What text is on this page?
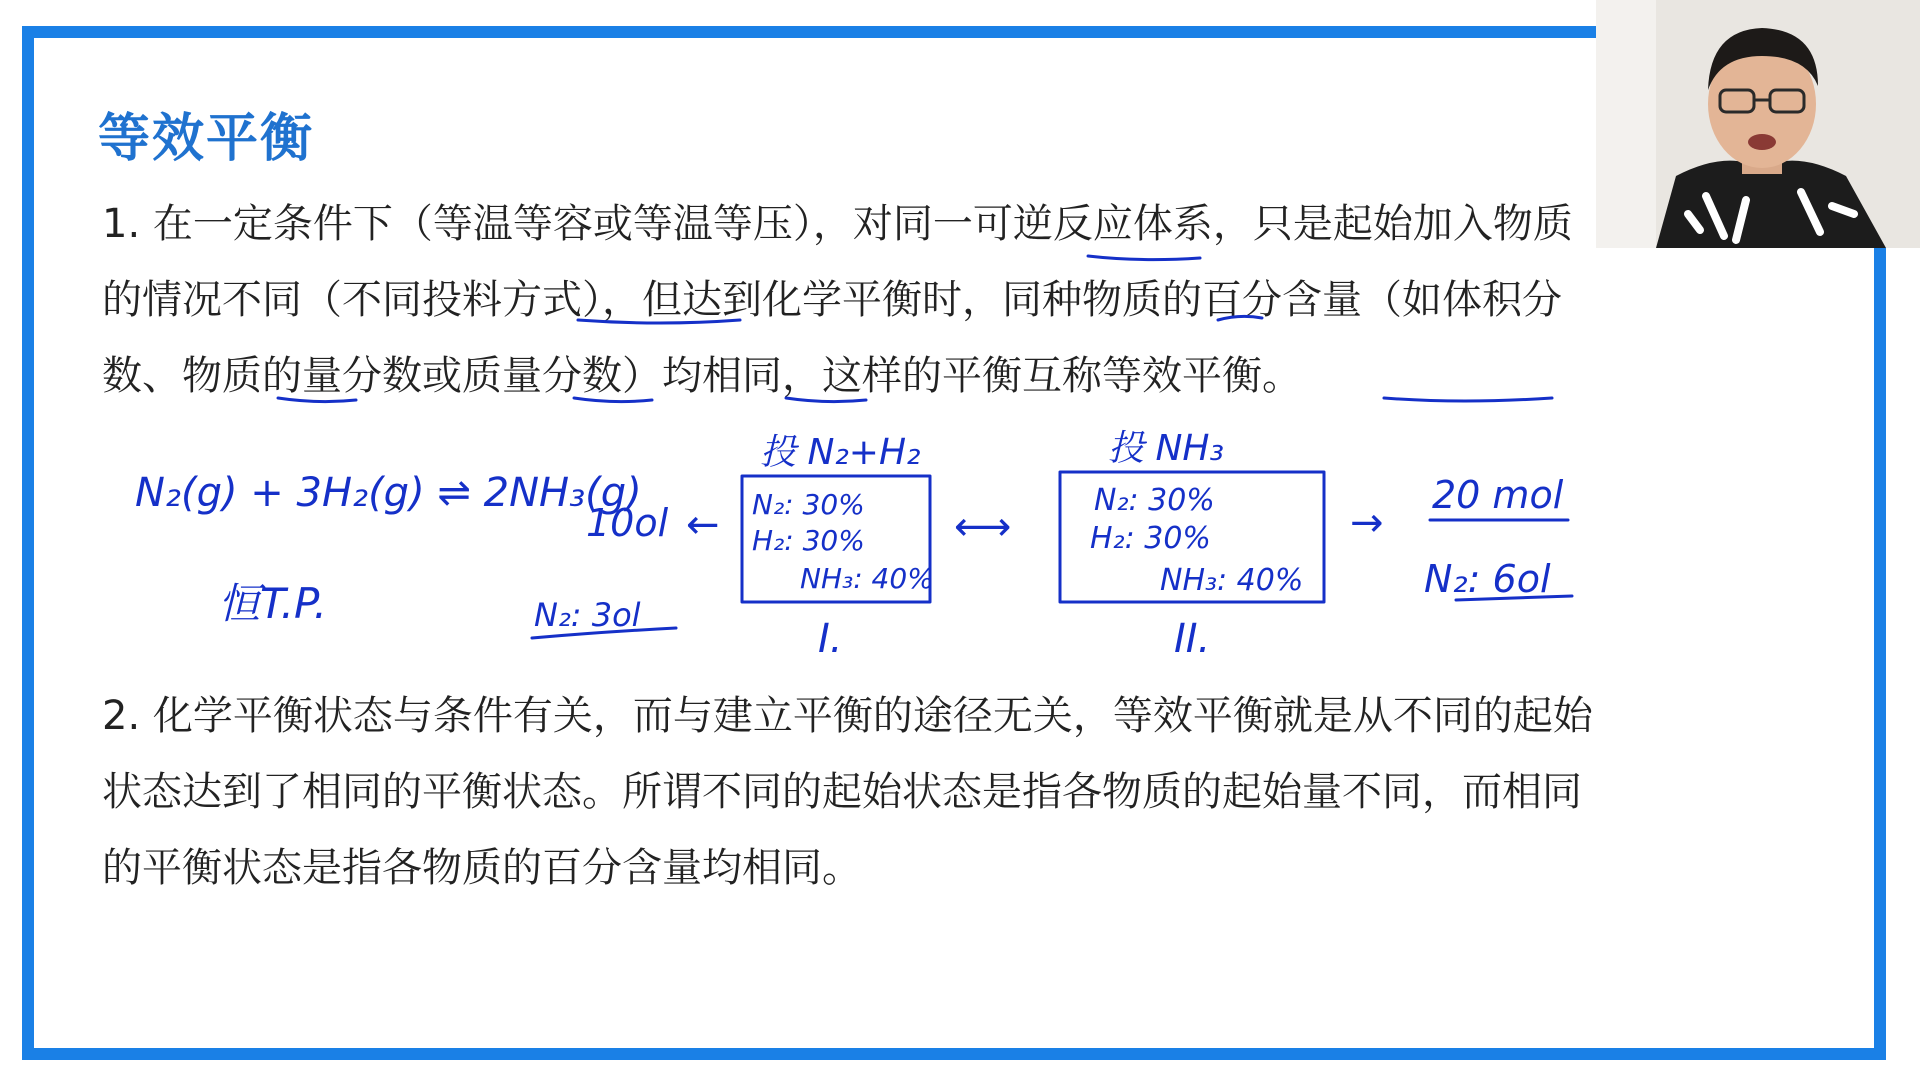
等效平衡

1. 在一定条件下（等温等容或等温等压），对同一可逆反应体系，只是起始加入物质的情况不同（不同投料方式），但达到化学平衡时，同种物质的百分含量（如体积分数、物质的量分数或质量分数）均相同，这样的平衡互称等效平衡。

N₂(g) + 3H₂(g) ⇌ 2NH₃(g)
恒T.P.
10ol
N₂: 3ol
←
投 N₂+H₂
N₂: 30%
H₂: 30%
NH₃: 40%
I.
⟷
投 NH₃
N₂: 30%
H₂: 30%
NH₃: 40%
II.
→
20 mol
N₂: 6ol

2. 化学平衡状态与条件有关，而与建立平衡的途径无关，等效平衡就是从不同的起始状态达到了相同的平衡状态。所谓不同的起始状态是指各物质的起始量不同，而相同的平衡状态是指各物质的百分含量均相同。
